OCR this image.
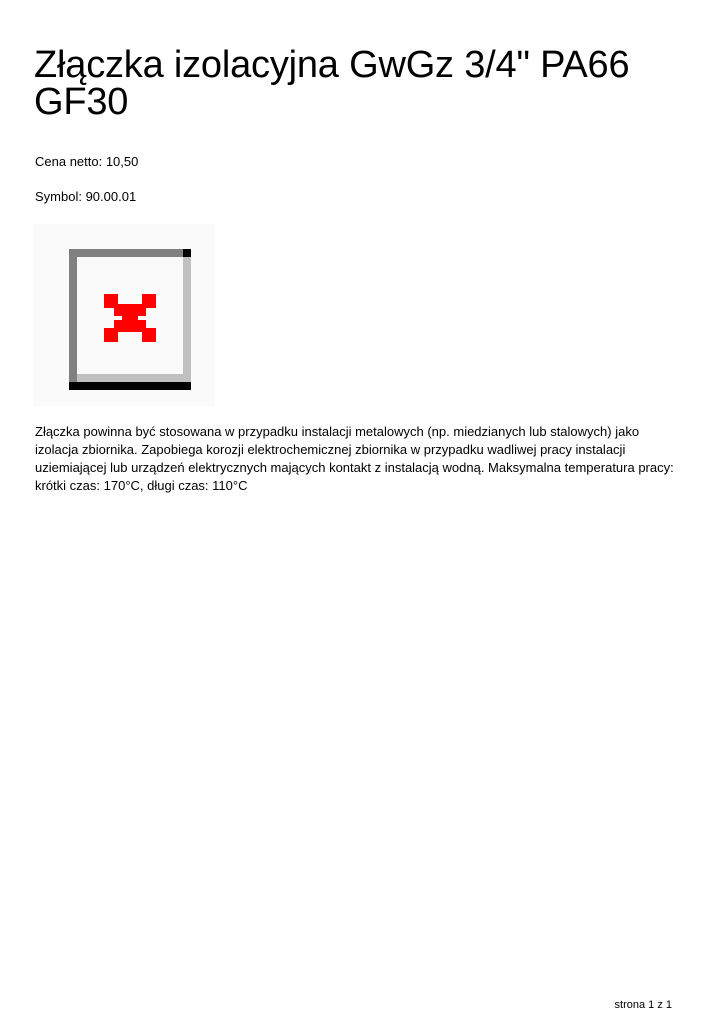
Złączka izolacyjna GwGz 3/4" PA66 GF30

Cena netto: 10,50

Symbol: 90.00.01

Złączka powinna być stosowana w przypadku instalacji metalowych (np. miedzianych lub stalowych) jako izolacja zbiornika. Zapobiega korozji elektrochemicznej zbiornika w przypadku wadliwej pracy instalacji uziemiającej lub urządzeń elektrycznych mających kontakt z instalacją wodną. Maksymalna temperatura pracy: krótki czas: 170°C, długi czas: 110°C

strona 1 z 1
